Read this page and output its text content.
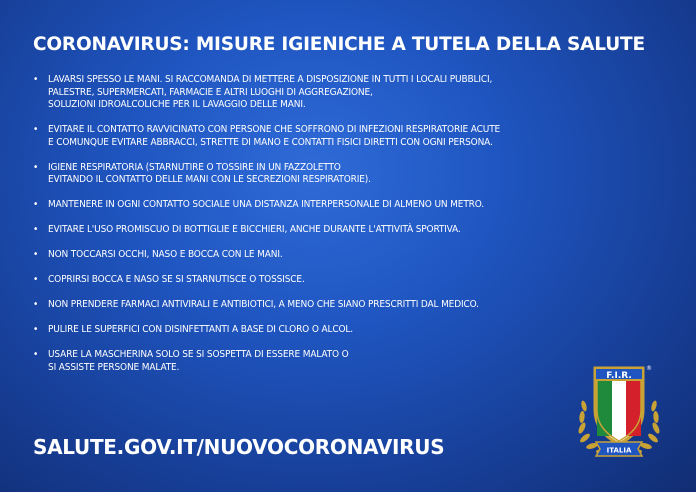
CORONAVIRUS: MISURE IGIENICHE A TUTELA DELLA SALUTE
• LAVARSI SPESSO LE MANI. SI RACCOMANDA DI METTERE A DISPOSIZIONE IN TUTTI I LOCALI PUBBLICI,
PALESTRE, SUPERMERCATI, FARMACIE E ALTRI LUOGHI DI AGGREGAZIONE,
SOLUZIONI IDROALCOLICHE PER IL LAVAGGIO DELLE MANI.
• EVITARE IL CONTATTO RAVVICINATO CON PERSONE CHE SOFFRONO DI INFEZIONI RESPIRATORIE ACUTE
E COMUNQUE EVITARE ABBRACCI, STRETTE DI MANO E CONTATTI FISICI DIRETTI CON OGNI PERSONA.
• IGIENE RESPIRATORIA (STARNUTIRE O TOSSIRE IN UN FAZZOLETTO
EVITANDO IL CONTATTO DELLE MANI CON LE SECREZIONI RESPIRATORIE).
• MANTENERE IN OGNI CONTATTO SOCIALE UNA DISTANZA INTERPERSONALE DI ALMENO UN METRO.
• EVITARE L'USO PROMISCUO DI BOTTIGLIE E BICCHIERI, ANCHE DURANTE L'ATTIVITÀ SPORTIVA.
• NON TOCCARSI OCCHI, NASO E BOCCA CON LE MANI.
• COPRIRSI BOCCA E NASO SE SI STARNUTISCE O TOSSISCE.
• NON PRENDERE FARMACI ANTIVIRALI E ANTIBIOTICI, A MENO CHE SIANO PRESCRITTI DAL MEDICO.
• PULIRE LE SUPERFICI CON DISINFETTANTI A BASE DI CLORO O ALCOL.
• USARE LA MASCHERINA SOLO SE SI SOSPETTA DI ESSERE MALATO O
SI ASSISTE PERSONE MALATE.
SALUTE.GOV.IT/NUOVOCORONAVIRUS
F.I.R.
®
ITALIA
